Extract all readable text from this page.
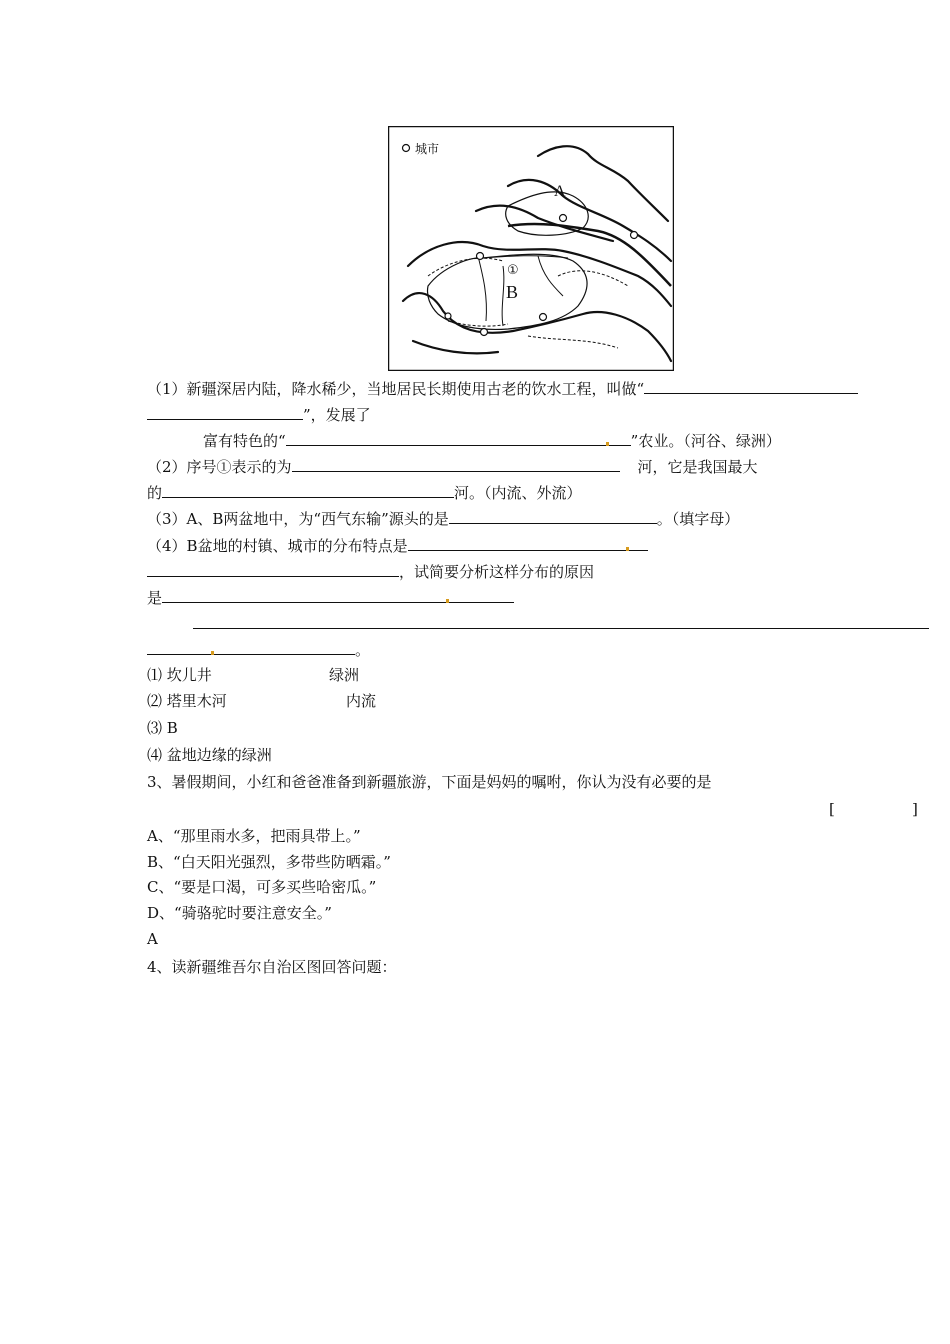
城市
A
B
①
（1）新疆深居内陆，降水稀少，当地居民长期使用古老的饮水工程，叫做“
”，发展了
富有特色的“	”农业。（河谷、绿洲）
（2）序号①表示的为	河，它是我国最大
的	河。（内流、外流）
（3）A、B两盆地中，为“西气东输”源头的是	。（填字母）
（4）B盆地的村镇、城市的分布特点是
，试简要分析这样分布的原因
是
。
⑴ 坎儿井	绿洲
⑵ 塔里木河	内流
⑶ B
⑷ 盆地边缘的绿洲
3、暑假期间，小红和爸爸准备到新疆旅游，下面是妈妈的嘱咐，你认为没有必要的是
[	]
A、“那里雨水多，把雨具带上。”
B、“白天阳光强烈，多带些防晒霜。”
C、“要是口渴，可多买些哈密瓜。”
D、“骑骆驼时要注意安全。”
A
4、读新疆维吾尔自治区图回答问题：
